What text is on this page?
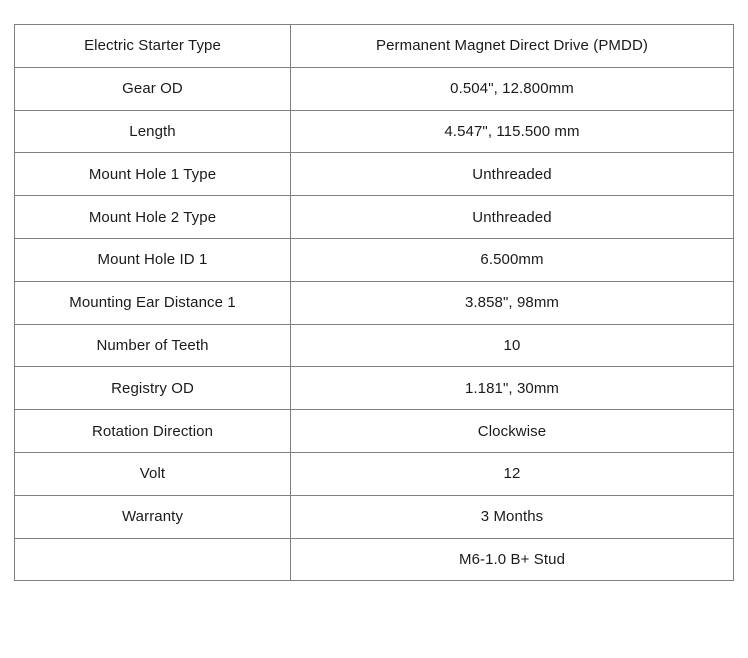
Electric Starter Type	Permanent Magnet Direct Drive (PMDD)
Gear OD	0.504", 12.800mm
Length	4.547", 115.500 mm
Mount Hole 1 Type	Unthreaded
Mount Hole 2 Type	Unthreaded
Mount Hole ID 1	6.500mm
Mounting Ear Distance 1	3.858", 98mm
Number of Teeth	10
Registry OD	1.181", 30mm
Rotation Direction	Clockwise
Volt	12
Warranty	3 Months
	M6-1.0 B+ Stud
